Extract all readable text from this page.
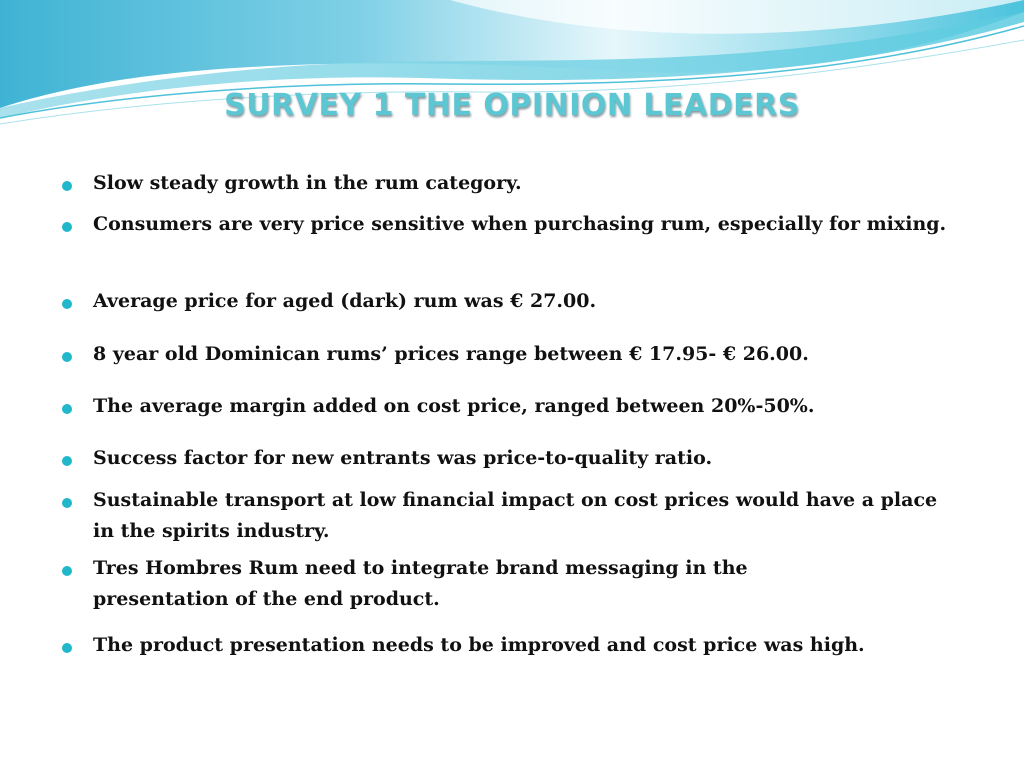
SURVEY 1 THE OPINION LEADERS
Slow steady growth in the rum category.
Consumers are very price sensitive when purchasing rum, especially for mixing.
Average price for aged (dark) rum was € 27.00.
8 year old Dominican rums’ prices range between € 17.95- € 26.00.
The average margin added on cost price, ranged between 20%-50%.
Success factor for new entrants was price-to-quality ratio.
Sustainable transport at low financial impact on cost prices would have a place in the spirits industry.
Tres Hombres Rum need to integrate brand messaging in the presentation of the end product.
The product presentation needs to be improved and cost price was high.
